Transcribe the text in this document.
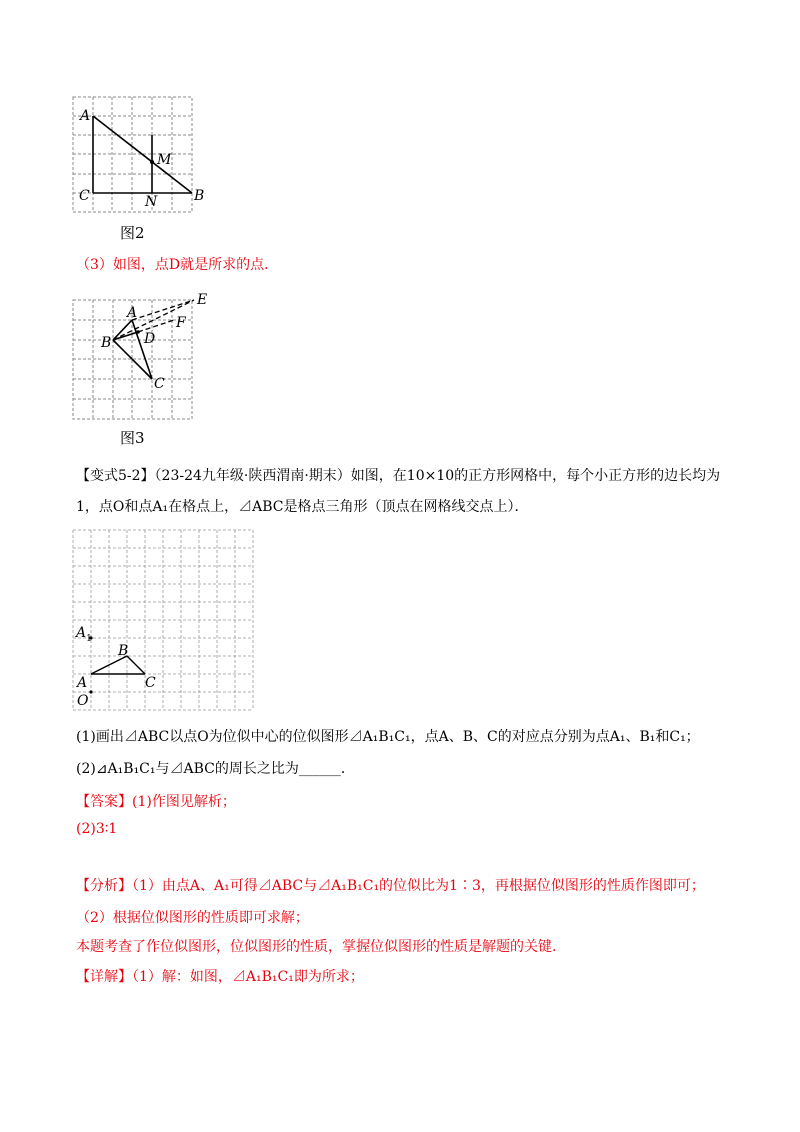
A
C	N	B
M
图2
（3）如图，点D就是所求的点．
A
B
C
D
E
F
图3
【变式5-2】（23-24九年级·陕西渭南·期末）如图，在10×10的正方形网格中，每个小正方形的边长均为
1，点O和点A₁在格点上，⊿ABC是格点三角形（顶点在网格线交点上）．
$A_1$
B
A	C
O
(1)画出⊿ABC以点O为位似中心的位似图形⊿A₁B₁C₁，点A、B、C的对应点分别为点A₁、B₁和C₁；
(2)⊿A₁B₁C₁与⊿ABC的周长之比为______．
【答案】(1)作图见解析；
(2)3∶1
【分析】（1）由点A、A₁可得⊿ABC与⊿A₁B₁C₁的位似比为1∶3，再根据位似图形的性质作图即可；
（2）根据位似图形的性质即可求解；
本题考查了作位似图形，位似图形的性质，掌握位似图形的性质是解题的关键．
【详解】（1）解：如图，⊿A₁B₁C₁即为所求；
